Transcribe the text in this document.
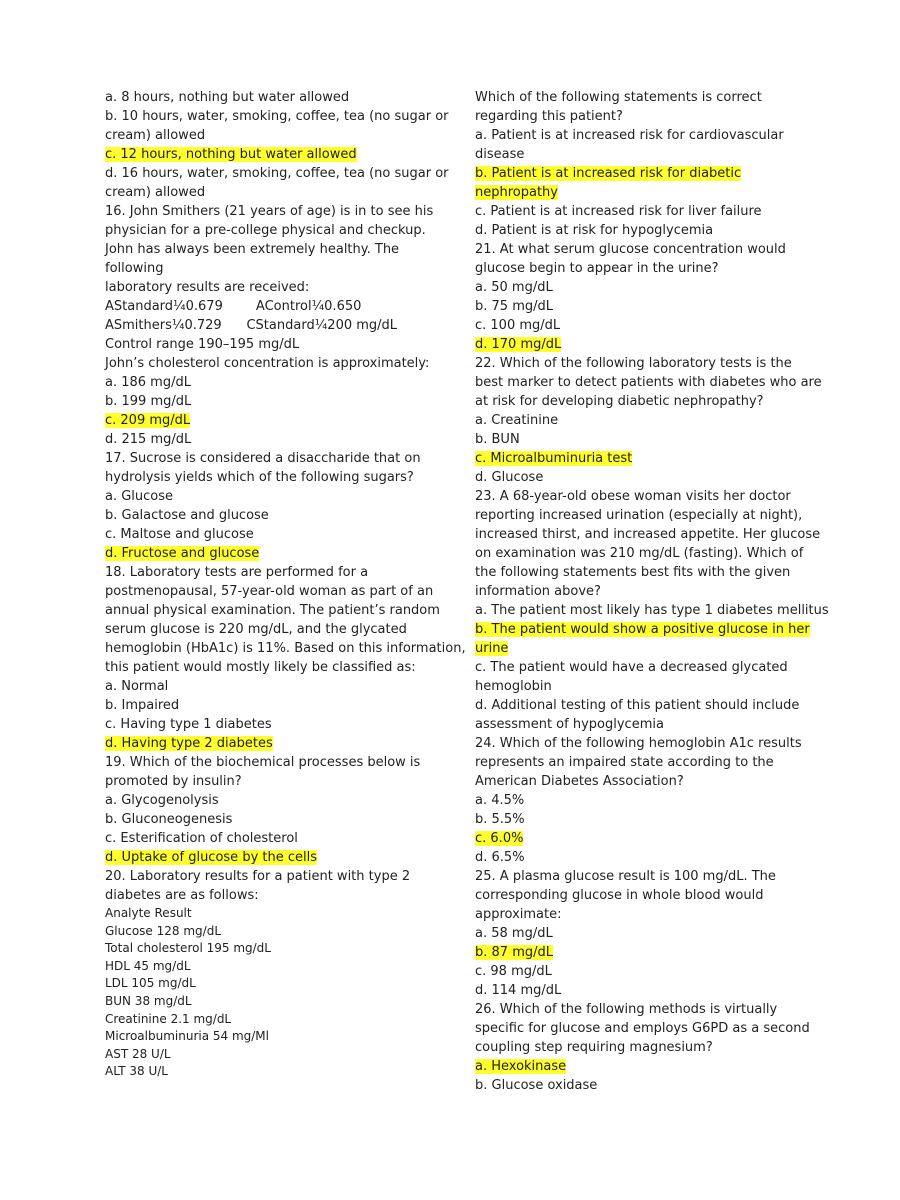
a. 8 hours, nothing but water allowed
b. 10 hours, water, smoking, coffee, tea (no sugar or
cream) allowed
c. 12 hours, nothing but water allowed
d. 16 hours, water, smoking, coffee, tea (no sugar or
cream) allowed
16. John Smithers (21 years of age) is in to see his
physician for a pre-college physical and checkup.
John has always been extremely healthy. The
following
laboratory results are received:
AStandard¼0.679        AControl¼0.650
ASmithers¼0.729      CStandard¼200 mg/dL
Control range 190–195 mg/dL
John’s cholesterol concentration is approximately:
a. 186 mg/dL
b. 199 mg/dL
c. 209 mg/dL
d. 215 mg/dL
17. Sucrose is considered a disaccharide that on
hydrolysis yields which of the following sugars?
a. Glucose
b. Galactose and glucose
c. Maltose and glucose
d. Fructose and glucose
18. Laboratory tests are performed for a
postmenopausal, 57-year-old woman as part of an
annual physical examination. The patient’s random
serum glucose is 220 mg/dL, and the glycated
hemoglobin (HbA1c) is 11%. Based on this information,
this patient would mostly likely be classified as:
a. Normal
b. Impaired
c. Having type 1 diabetes
d. Having type 2 diabetes
19. Which of the biochemical processes below is
promoted by insulin?
a. Glycogenolysis
b. Gluconeogenesis
c. Esterification of cholesterol
d. Uptake of glucose by the cells
20. Laboratory results for a patient with type 2
diabetes are as follows:
Analyte Result
Glucose 128 mg/dL
Total cholesterol 195 mg/dL
HDL 45 mg/dL
LDL 105 mg/dL
BUN 38 mg/dL
Creatinine 2.1 mg/dL
Microalbuminuria 54 mg/Ml
AST 28 U/L
ALT 38 U/L
Which of the following statements is correct
regarding this patient?
a. Patient is at increased risk for cardiovascular
disease
b. Patient is at increased risk for diabetic
nephropathy
c. Patient is at increased risk for liver failure
d. Patient is at risk for hypoglycemia
21. At what serum glucose concentration would
glucose begin to appear in the urine?
a. 50 mg/dL
b. 75 mg/dL
c. 100 mg/dL
d. 170 mg/dL
22. Which of the following laboratory tests is the
best marker to detect patients with diabetes who are
at risk for developing diabetic nephropathy?
a. Creatinine
b. BUN
c. Microalbuminuria test
d. Glucose
23. A 68-year-old obese woman visits her doctor
reporting increased urination (especially at night),
increased thirst, and increased appetite. Her glucose
on examination was 210 mg/dL (fasting). Which of
the following statements best fits with the given
information above?
a. The patient most likely has type 1 diabetes mellitus
b. The patient would show a positive glucose in her
urine
c. The patient would have a decreased glycated
hemoglobin
d. Additional testing of this patient should include
assessment of hypoglycemia
24. Which of the following hemoglobin A1c results
represents an impaired state according to the
American Diabetes Association?
a. 4.5%
b. 5.5%
c. 6.0%
d. 6.5%
25. A plasma glucose result is 100 mg/dL. The
corresponding glucose in whole blood would
approximate:
a. 58 mg/dL
b. 87 mg/dL
c. 98 mg/dL
d. 114 mg/dL
26. Which of the following methods is virtually
specific for glucose and employs G6PD as a second
coupling step requiring magnesium?
a. Hexokinase
b. Glucose oxidase
